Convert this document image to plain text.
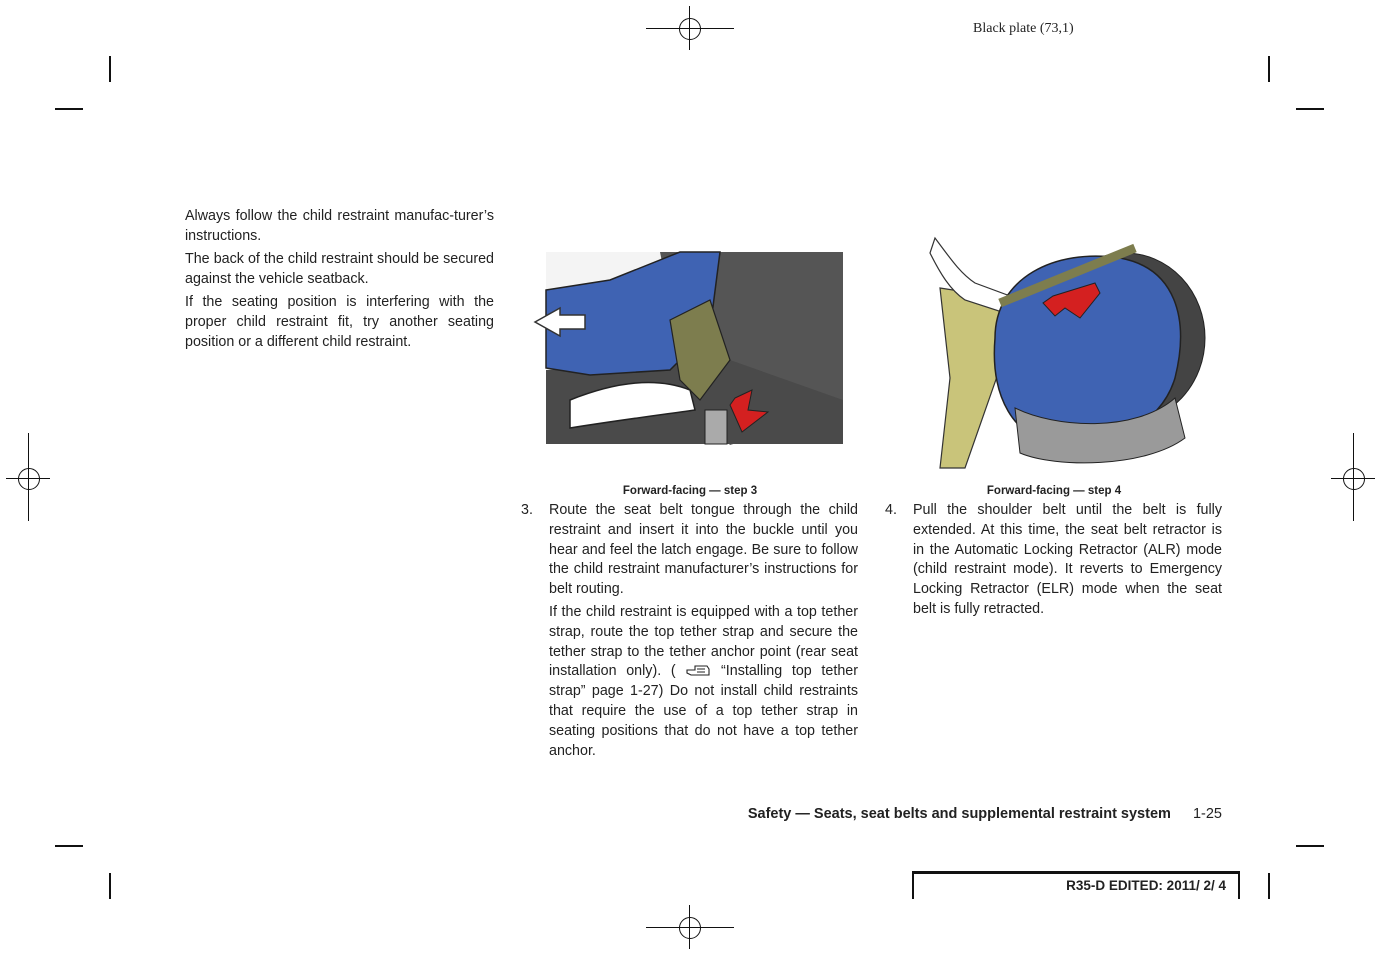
Black plate (73,1)

Always follow the child restraint manufac-turer’s instructions.

The back of the child restraint should be secured against the vehicle seatback.

If the seating position is interfering with the proper child restraint fit, try another seating position or a different child restraint.

Forward-facing — step 3	Forward-facing — step 4
3. Route the seat belt tongue through the child restraint and insert it into the buckle until you hear and feel the latch engage. Be sure to follow the child restraint manufacturer’s instructions for belt routing.

If the child restraint is equipped with a top tether strap, route the top tether strap and secure the tether strap to the tether anchor point (rear seat installation only). (	“Installing top tether strap” page 1-27) Do not install child restraints that require the use of a top tether strap in seating positions that do not have a top tether anchor.

4. Pull the shoulder belt until the belt is fully extended. At this time, the seat belt retractor is in the Automatic Locking Retractor (ALR) mode (child restraint mode). It reverts to Emergency Locking Retractor (ELR) mode when the seat belt is fully retracted.

Safety — Seats, seat belts and supplemental restraint system 1-25
R35-D EDITED: 2011/ 2/ 4
